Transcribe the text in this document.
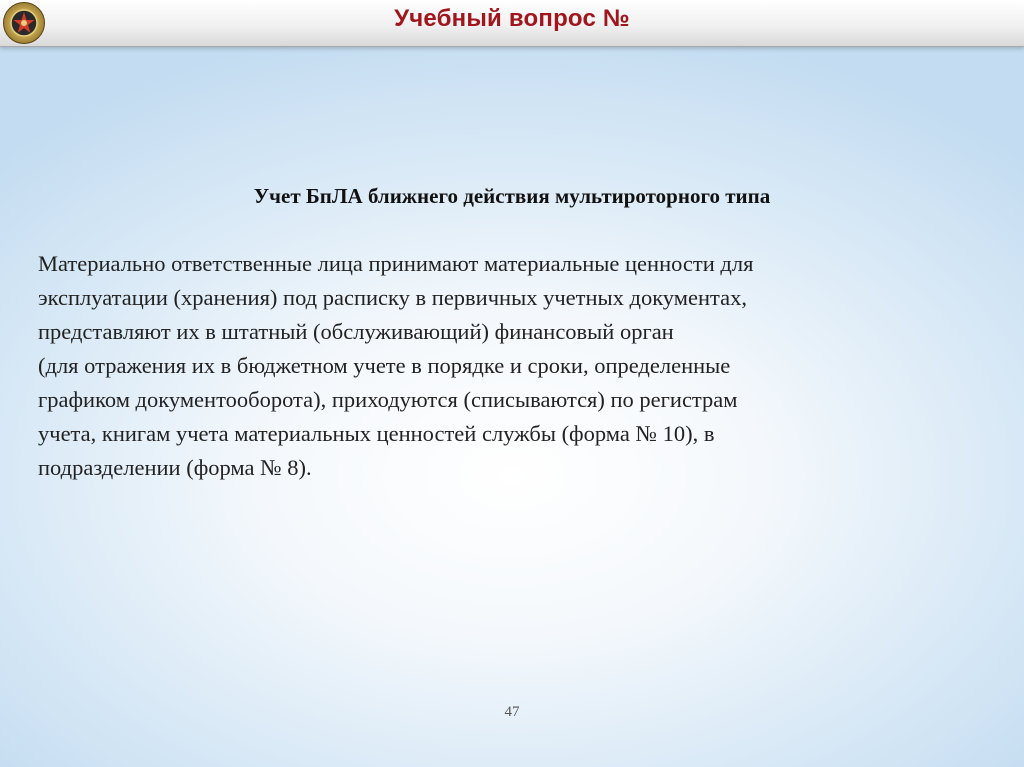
Учебный вопрос №
Учет БпЛА ближнего действия мультироторного типа
Материально ответственные лица принимают материальные ценности для
эксплуатации (хранения) под расписку в первичных учетных документах,
представляют их в штатный (обслуживающий) финансовый орган
(для отражения их в бюджетном учете в порядке и сроки, определенные
графиком документооборота), приходуются (списываются) по регистрам
учета, книгам учета материальных ценностей службы (форма № 10), в
подразделении (форма № 8).
47
